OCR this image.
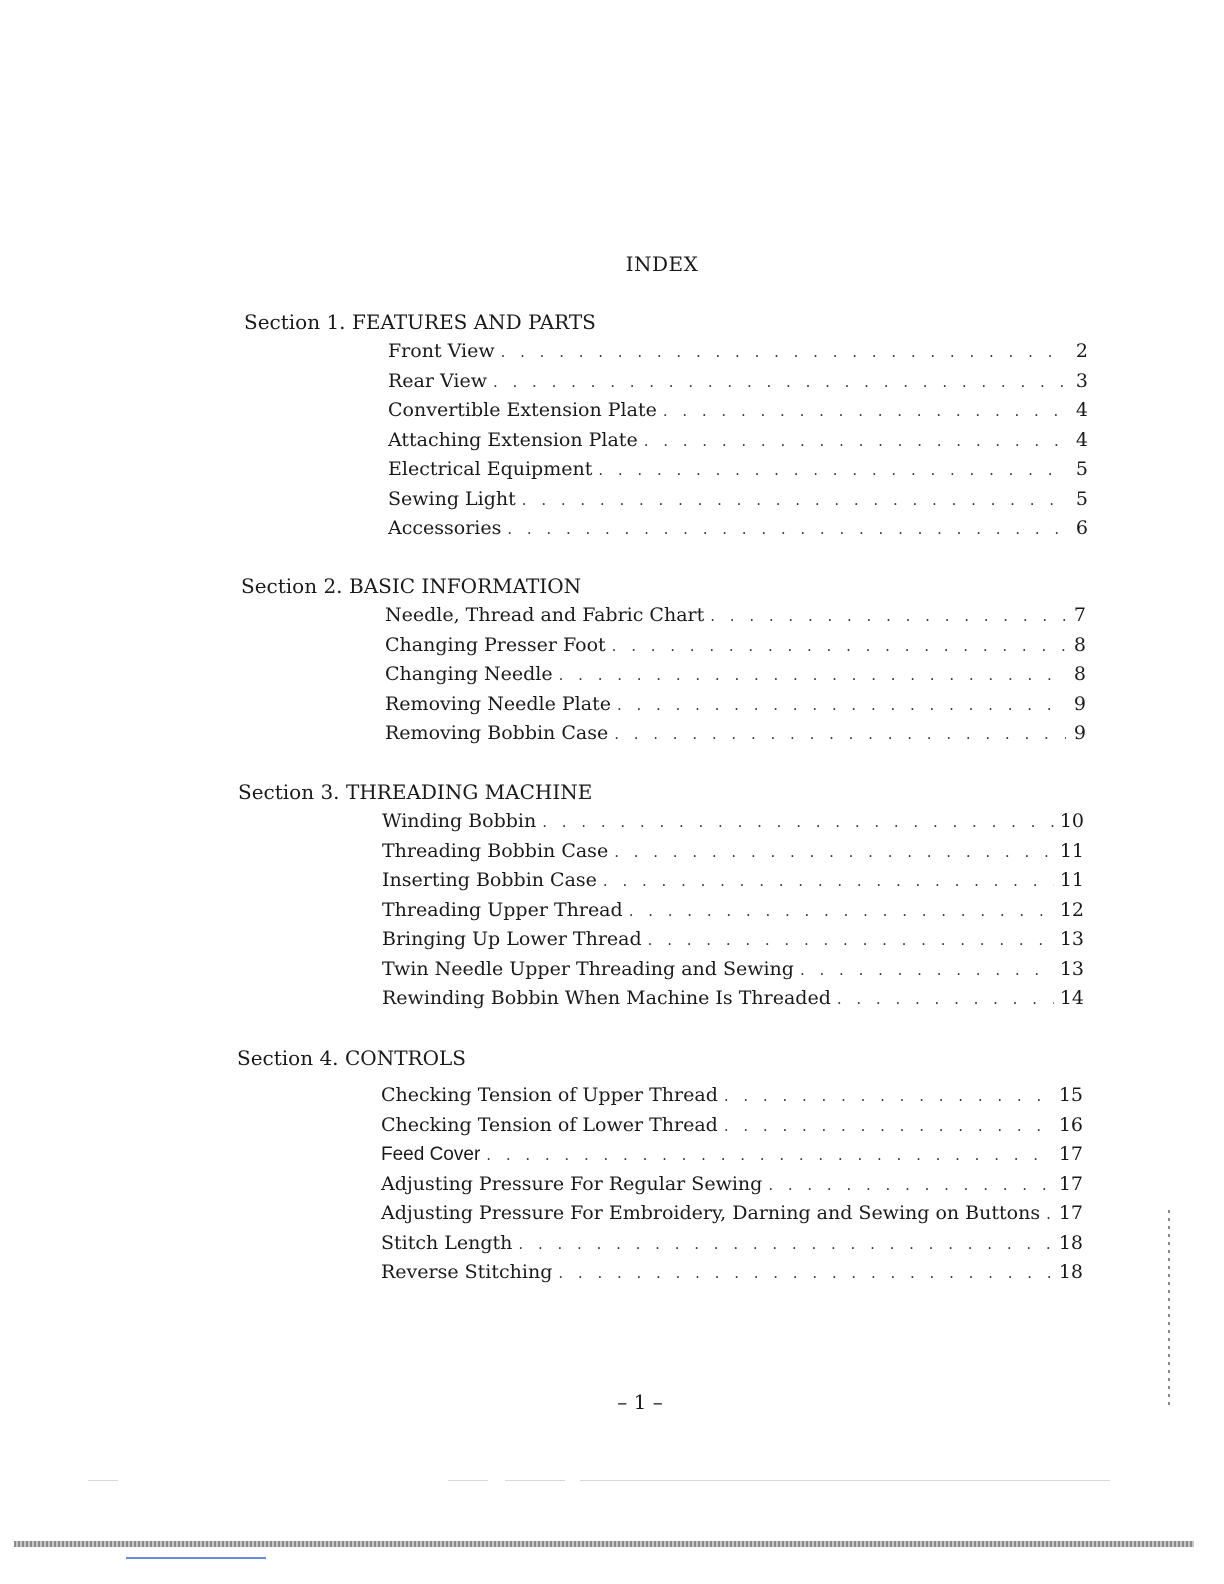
INDEX
Section 1. FEATURES AND PARTS
Front View . . .	2
Rear View . . .	3
Convertible Extension Plate . . .	4
Attaching Extension Plate . . .	4
Electrical Equipment . . .	5
Sewing Light . . .	5
Accessories . . .	6
Section 2. BASIC INFORMATION
Needle, Thread and Fabric Chart . . .	7
Changing Presser Foot . . .	8
Changing Needle . . .	8
Removing Needle Plate . . .	9
Removing Bobbin Case . . .	9
Section 3. THREADING MACHINE
Winding Bobbin . . .	10
Threading Bobbin Case . . .	11
Inserting Bobbin Case . . .	11
Threading Upper Thread . . .	12
Bringing Up Lower Thread . . .	13
Twin Needle Upper Threading and Sewing . . .	13
Rewinding Bobbin When Machine Is Threaded . . .	14
Section 4. CONTROLS
Checking Tension of Upper Thread . . .	15
Checking Tension of Lower Thread . . .	16
Feed Cover . . .	17
Adjusting Pressure For Regular Sewing . . .	17
Adjusting Pressure For Embroidery, Darning and Sewing on Buttons . . . 17
Stitch Length . . .	18
Reverse Stitching . . .	18
– 1 –
